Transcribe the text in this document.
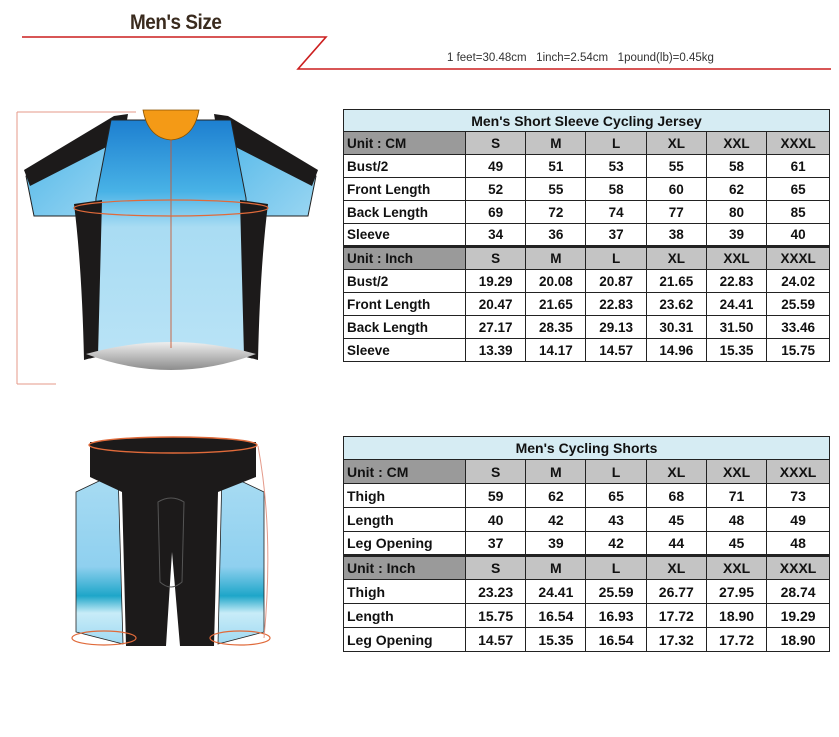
Men's Size
1 feet=30.48cm   1inch=2.54cm   1pound(lb)=0.45kg
Men's Short Sleeve Cycling Jersey						
Unit : CM	S	M	L	XL	XXL	XXXL
Bust/2	49	51	53	55	58	61
Front Length	52	55	58	60	62	65
Back Length	69	72	74	77	80	85
Sleeve	34	36	37	38	39	40
Unit : Inch	S	M	L	XL	XXL	XXXL
Bust/2	19.29	20.08	20.87	21.65	22.83	24.02
Front Length	20.47	21.65	22.83	23.62	24.41	25.59
Back Length	27.17	28.35	29.13	30.31	31.50	33.46
Sleeve	13.39	14.17	14.57	14.96	15.35	15.75
Men's Cycling Shorts						
Unit : CM	S	M	L	XL	XXL	XXXL
Thigh	59	62	65	68	71	73
Length	40	42	43	45	48	49
Leg Opening	37	39	42	44	45	48
Unit : Inch	S	M	L	XL	XXL	XXXL
Thigh	23.23	24.41	25.59	26.77	27.95	28.74
Length	15.75	16.54	16.93	17.72	18.90	19.29
Leg Opening	14.57	15.35	16.54	17.32	17.72	18.90
